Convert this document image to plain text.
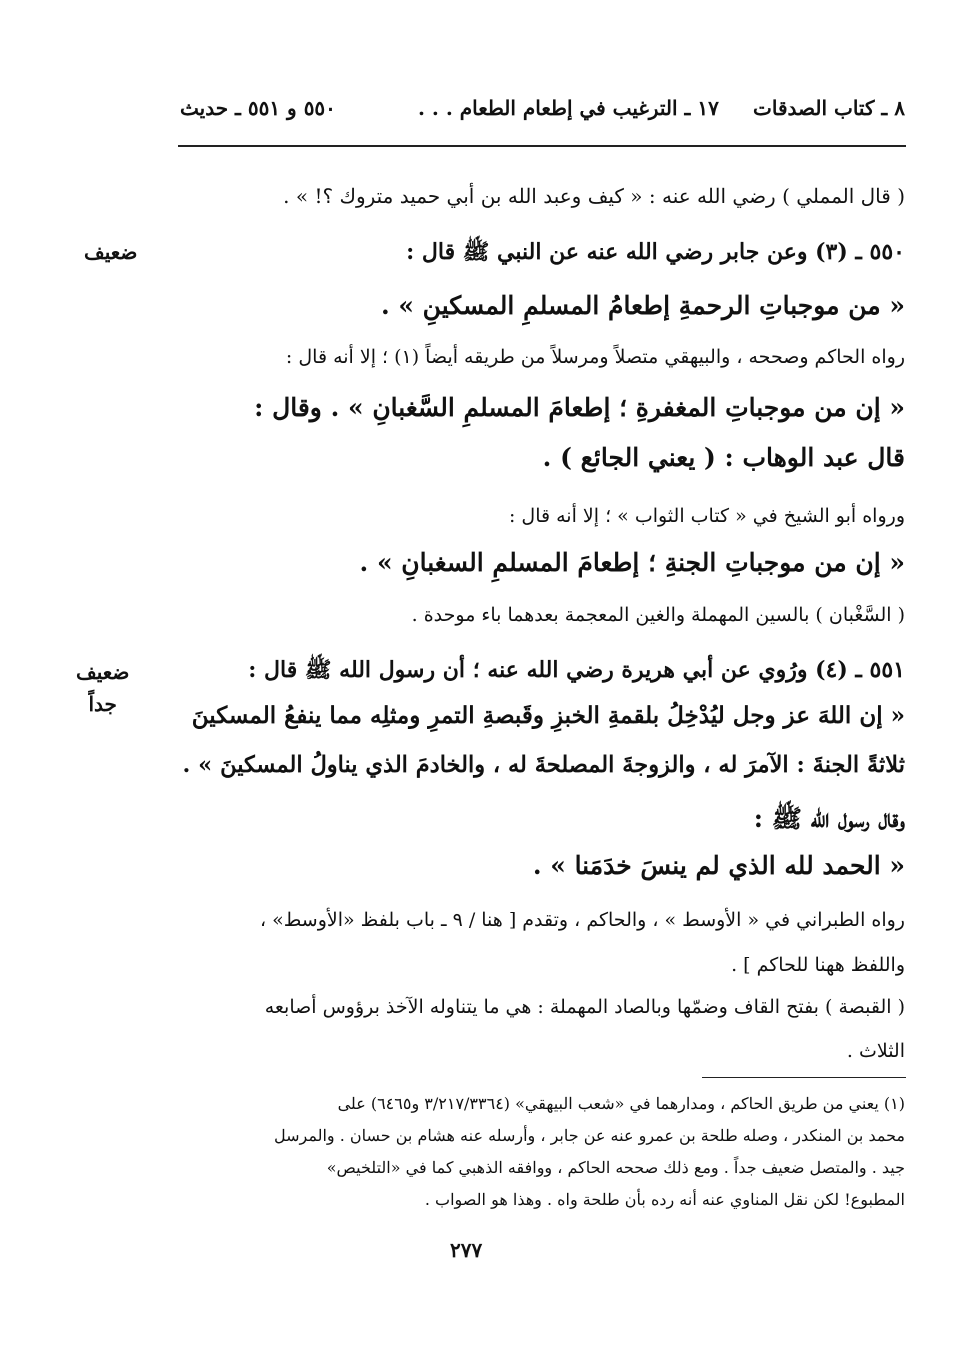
٨ ـ كتاب الصدقات
١٧ ـ الترغيب في إطعام الطعام . . .
٥٥٠ و ٥٥١ ـ حديث
( قال المملي ) رضي الله عنه : « كيف وعبد الله بن أبي حميد متروك ؟! » .
ضعيف	٥٥٠ ـ (٣) وعن جابر رضي الله عنه عن النبي ﷺ قال :
« من موجباتِ الرحمةِ إطعامُ المسلمِ المسكينِ » .
رواه الحاكم وصححه ، والبيهقي متصلاً ومرسلاً من طريقه أيضاً (١) ؛ إلا أنه قال :
« إن من موجباتِ المغفرةِ ؛ إطعامَ المسلمِ السَّغبانِ » . وقال :
قال عبد الوهاب : ( يعني الجائع ) .
ورواه أبو الشيخ في « كتاب الثواب » ؛ إلا أنه قال :
« إن من موجباتِ الجنةِ ؛ إطعامَ المسلمِ السغبانِ » .
( السَّغْبان ) بالسين المهملة والغين المعجمة بعدهما باء موحدة .
ضعيف
جداً
٥٥١ ـ (٤) ورُوي عن أبي هريرة رضي الله عنه ؛ أن رسول الله ﷺ قال :
« إن اللهَ عز وجل ليُدْخِلُ بلقمةِ الخبزِ وقَبصةِ التمرِ ومثلِه مما ينفعُ المسكينَ
ثلاثةً الجنةَ : الآمرَ له ، والزوجةَ المصلحةَ له ، والخادمَ الذي يناولُ المسكينَ » .
وقال رسول الله ﷺ :
« الحمد لله الذي لم ينسَ خدَمَنا » .
رواه الطبراني في « الأوسط » ، والحاكم ، وتقدم [ هنا / ٩ ـ باب بلفظ «الأوسط» ،
واللفظ ههنا للحاكم ] .
( القبصة ) بفتح القاف وضمّها وبالصاد المهملة : هي ما يتناوله الآخذ برؤوس أصابعه
الثلاث .
(١) يعني من طريق الحاكم ، ومدارهما في «شعب البيهقي» (٣/٢١٧/٣٣٦٤ و٦٤٦٥) على
محمد بن المنكدر ، وصله طلحة بن عمرو عنه عن جابر ، وأرسله عنه هشام بن حسان . والمرسل
جيد . والمتصل ضعيف جداً . ومع ذلك صححه الحاكم ، ووافقه الذهبي كما في «التلخيص»
المطبوع! لكن نقل المناوي عنه أنه رده بأن طلحة واه . وهذا هو الصواب .
٢٧٧
